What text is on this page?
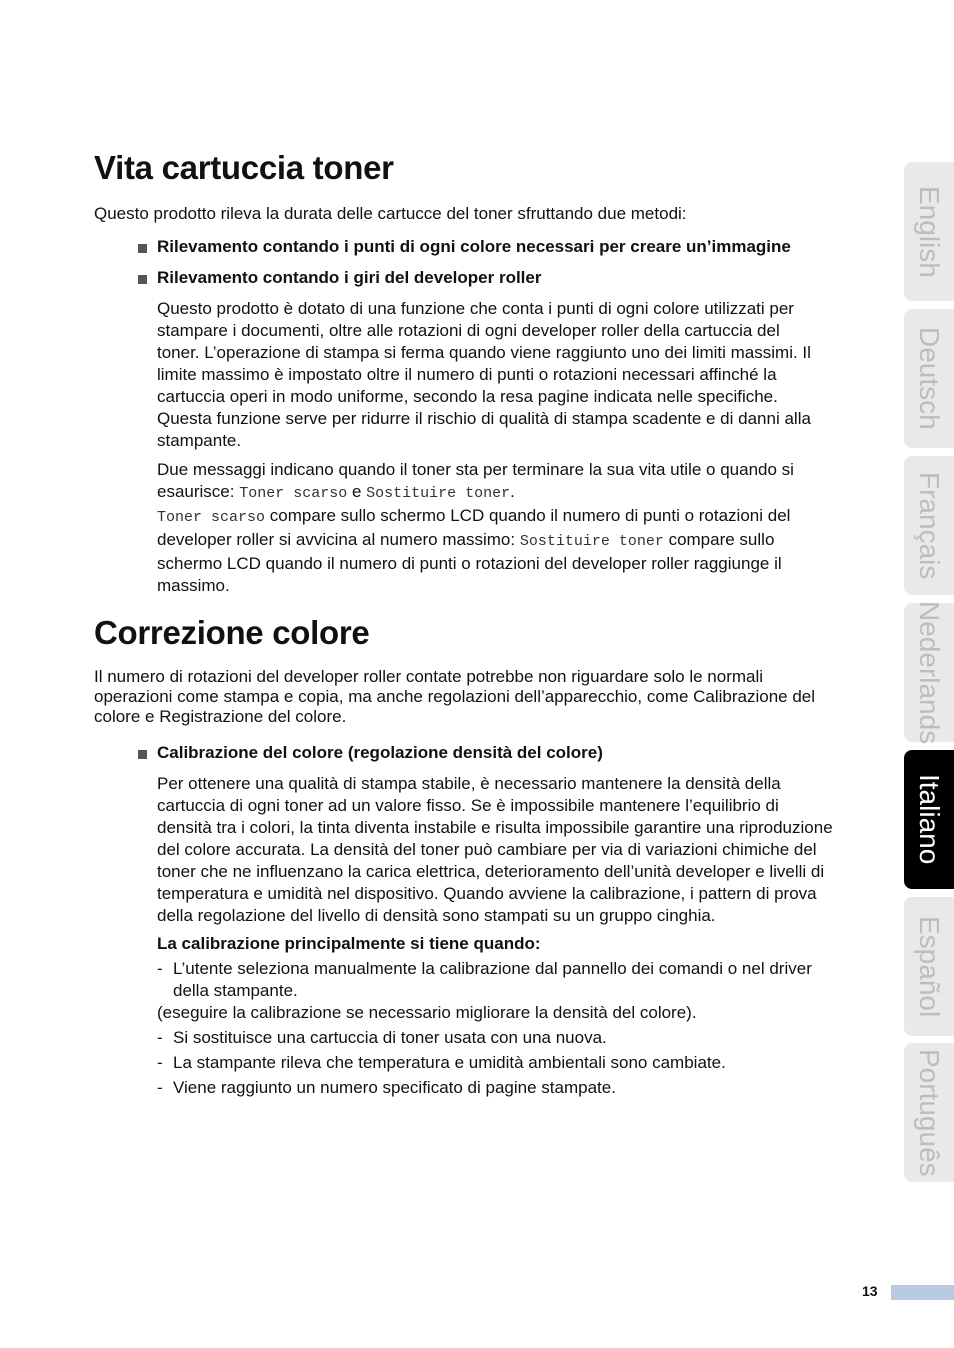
Vita cartuccia toner

Questo prodotto rileva la durata delle cartucce del toner sfruttando due metodi:

Rilevamento contando i punti di ogni colore necessari per creare un’immagine
Rilevamento contando i giri del developer roller
Questo prodotto è dotato di una funzione che conta i punti di ogni colore utilizzati per
stampare i documenti, oltre alle rotazioni di ogni developer roller della cartuccia del
toner. L’operazione di stampa si ferma quando viene raggiunto uno dei limiti massimi. Il
limite massimo è impostato oltre il numero di punti o rotazioni necessari affinché la
cartuccia operi in modo uniforme, secondo la resa pagine indicata nelle specifiche.
Questa funzione serve per ridurre il rischio di qualità di stampa scadente e di danni alla
stampante.
Due messaggi indicano quando il toner sta per terminare la sua vita utile o quando si
esaurisce: Toner scarso e Sostituire toner.
Toner scarso compare sullo schermo LCD quando il numero di punti o rotazioni del
developer roller si avvicina al numero massimo: Sostituire toner compare sullo
schermo LCD quando il numero di punti o rotazioni del developer roller raggiunge il
massimo.
Correzione colore
Il numero di rotazioni del developer roller contate potrebbe non riguardare solo le normali
operazioni come stampa e copia, ma anche regolazioni dell’apparecchio, come Calibrazione del
colore e Registrazione del colore.
Calibrazione del colore (regolazione densità del colore)
Per ottenere una qualità di stampa stabile, è necessario mantenere la densità della
cartuccia di ogni toner ad un valore fisso. Se è impossibile mantenere l’equilibrio di
densità tra i colori, la tinta diventa instabile e risulta impossibile garantire una riproduzione
del colore accurata. La densità del toner può cambiare per via di variazioni chimiche del
toner che ne influenzano la carica elettrica, deterioramento dell’unità developer e livelli di
temperatura e umidità nel dispositivo. Quando avviene la calibrazione, i pattern di prova
della regolazione del livello di densità sono stampati su un gruppo cinghia.
La calibrazione principalmente si tiene quando:
- L’utente seleziona manualmente la calibrazione dal pannello dei comandi o nel driver
della stampante.
(eseguire la calibrazione se necessario migliorare la densità del colore).
- Si sostituisce una cartuccia di toner usata con una nuova.
- La stampante rileva che temperatura e umidità ambientali sono cambiate.
- Viene raggiunto un numero specificato di pagine stampate.
English
Deutsch
Français
Nederlands
Italiano
Español
Português
13
